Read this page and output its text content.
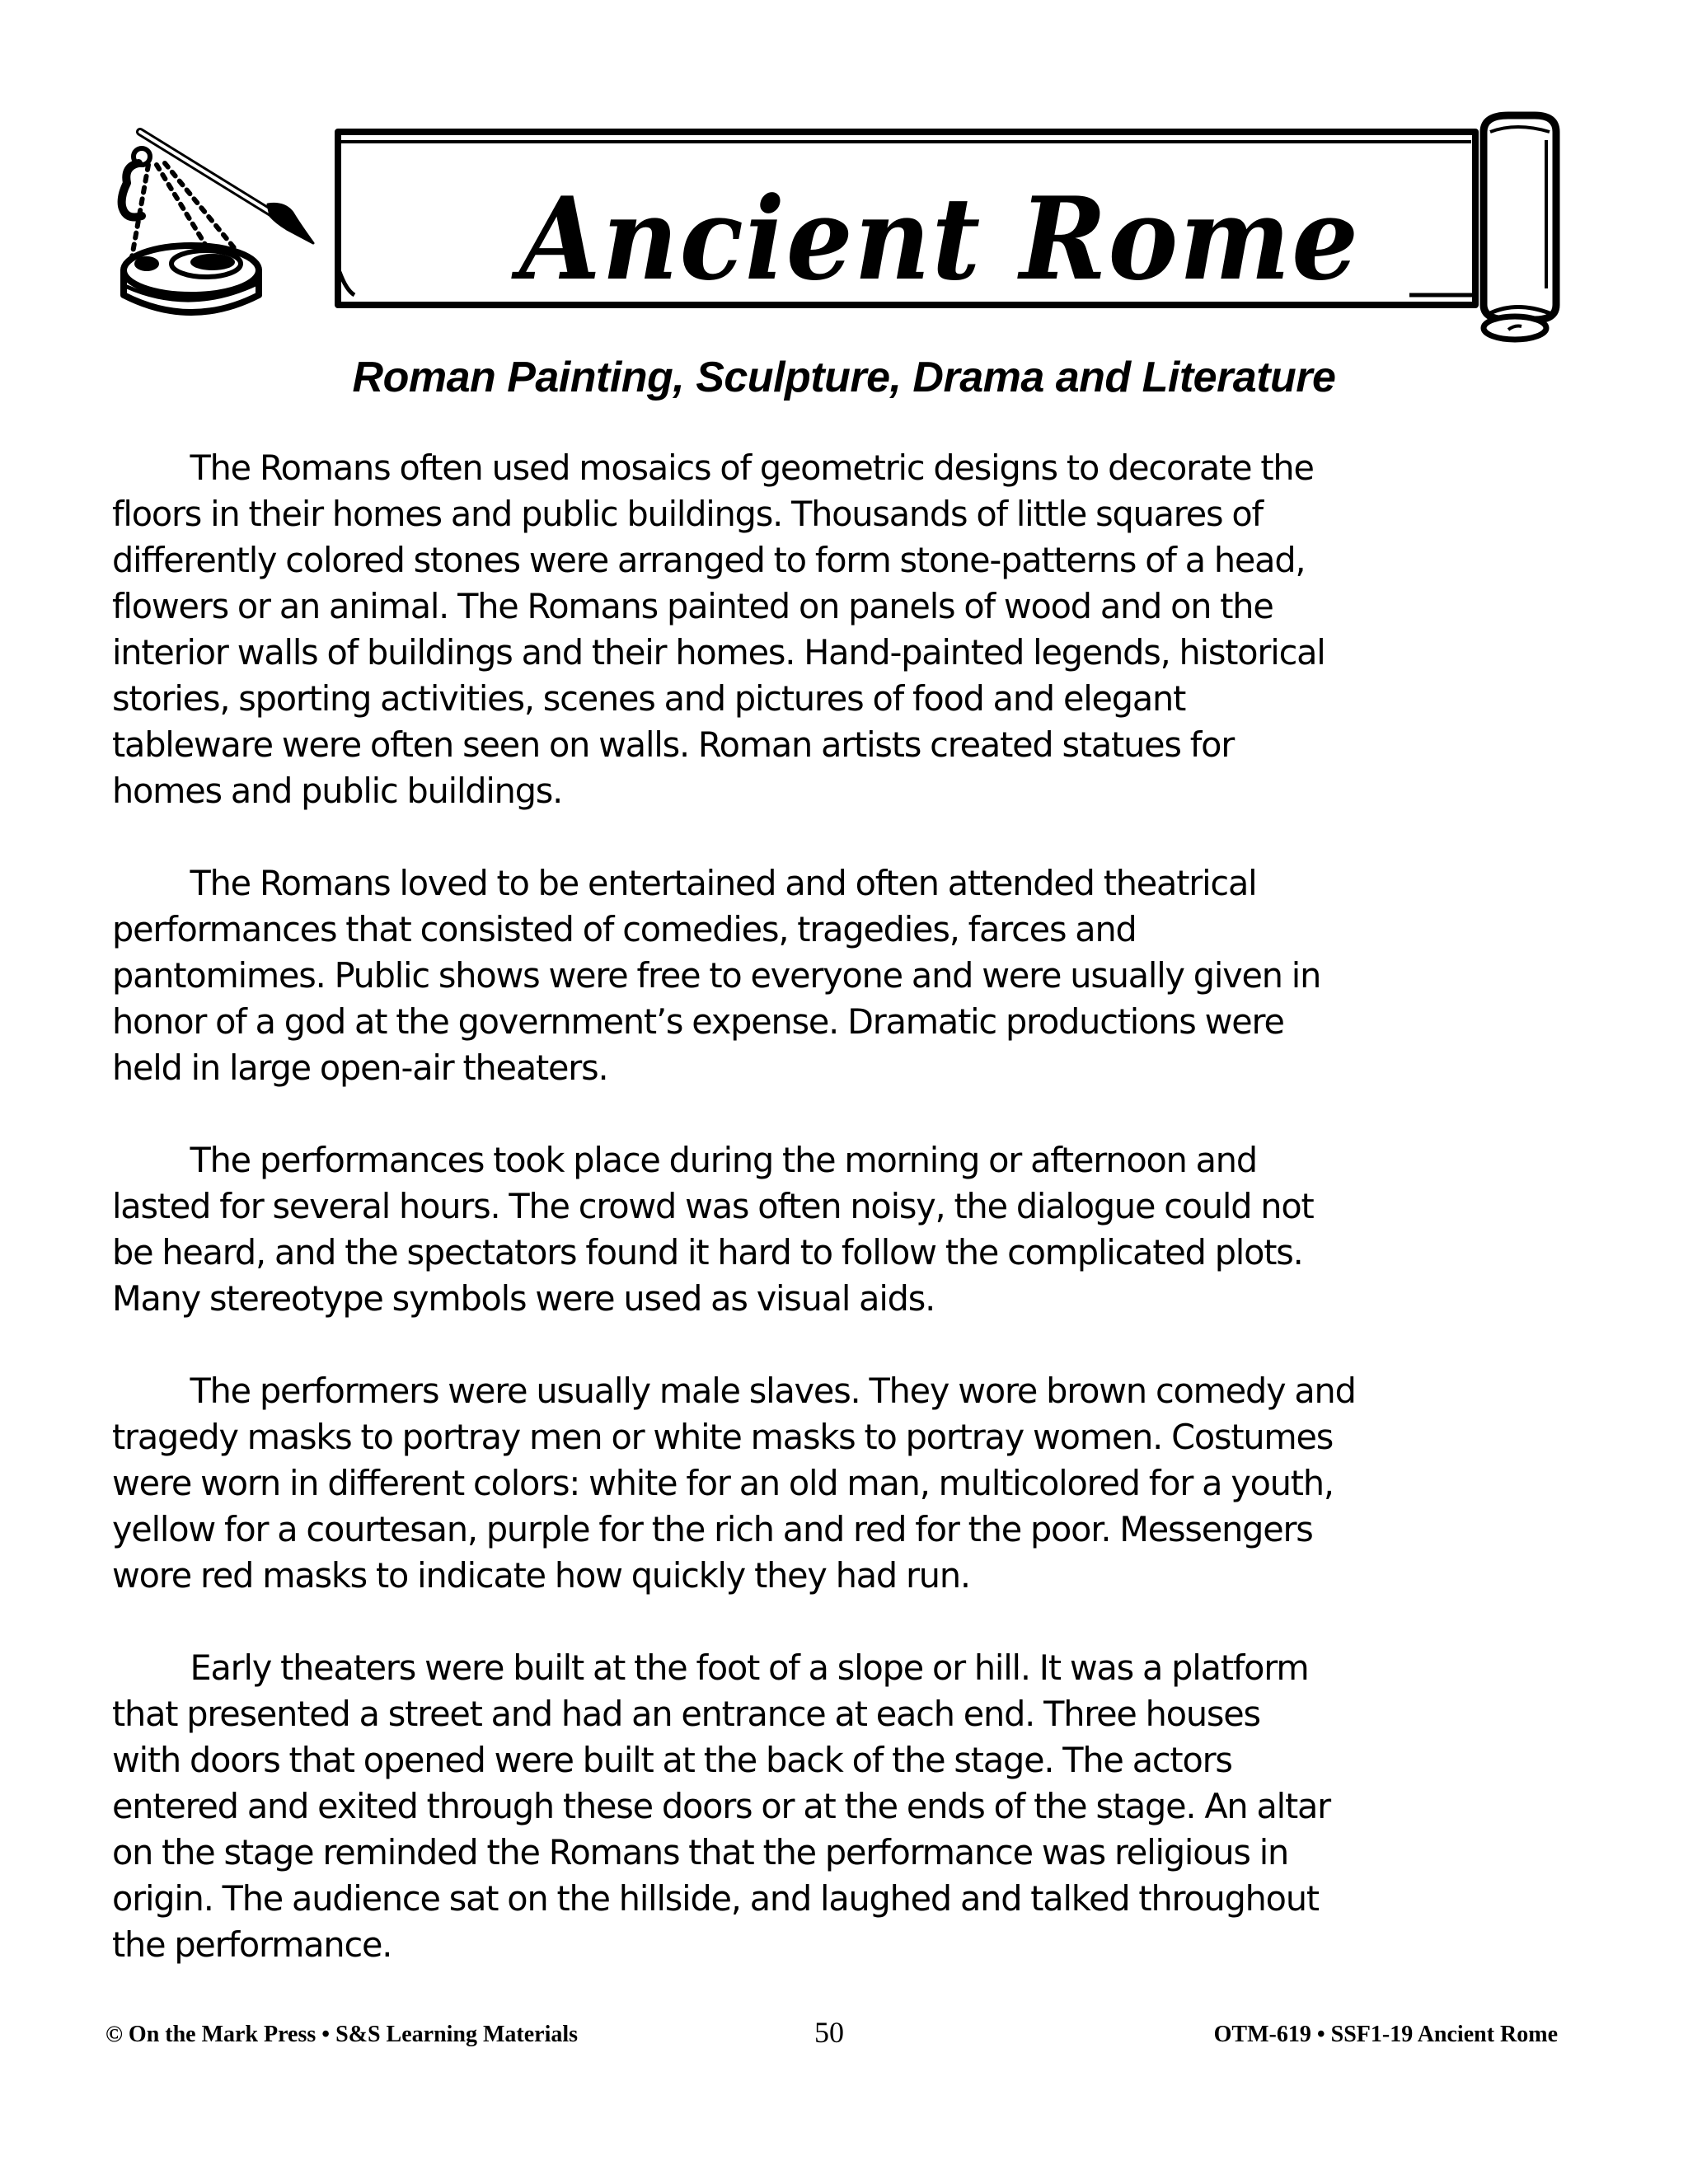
Ancient Rome
Roman Painting, Sculpture, Drama and Literature

The Romans often used mosaics of geometric designs to decorate the
floors in their homes and public buildings. Thousands of little squares of
differently colored stones were arranged to form stone-patterns of a head,
flowers or an animal. The Romans painted on panels of wood and on the
interior walls of buildings and their homes. Hand-painted legends, historical
stories, sporting activities, scenes and pictures of food and elegant
tableware were often seen on walls. Roman artists created statues for
homes and public buildings.

The Romans loved to be entertained and often attended theatrical
performances that consisted of comedies, tragedies, farces and
pantomimes. Public shows were free to everyone and were usually given in
honor of a god at the government’s expense. Dramatic productions were
held in large open-air theaters.

The performances took place during the morning or afternoon and
lasted for several hours. The crowd was often noisy, the dialogue could not
be heard, and the spectators found it hard to follow the complicated plots.
Many stereotype symbols were used as visual aids.

The performers were usually male slaves. They wore brown comedy and
tragedy masks to portray men or white masks to portray women. Costumes
were worn in different colors: white for an old man, multicolored for a youth,
yellow for a courtesan, purple for the rich and red for the poor. Messengers
wore red masks to indicate how quickly they had run.

Early theaters were built at the foot of a slope or hill. It was a platform
that presented a street and had an entrance at each end. Three houses
with doors that opened were built at the back of the stage. The actors
entered and exited through these doors or at the ends of the stage. An altar
on the stage reminded the Romans that the performance was religious in
origin. The audience sat on the hillside, and laughed and talked throughout
the performance.

© On the Mark Press • S&S Learning Materials	50	OTM-619 • SSF1-19 Ancient Rome
